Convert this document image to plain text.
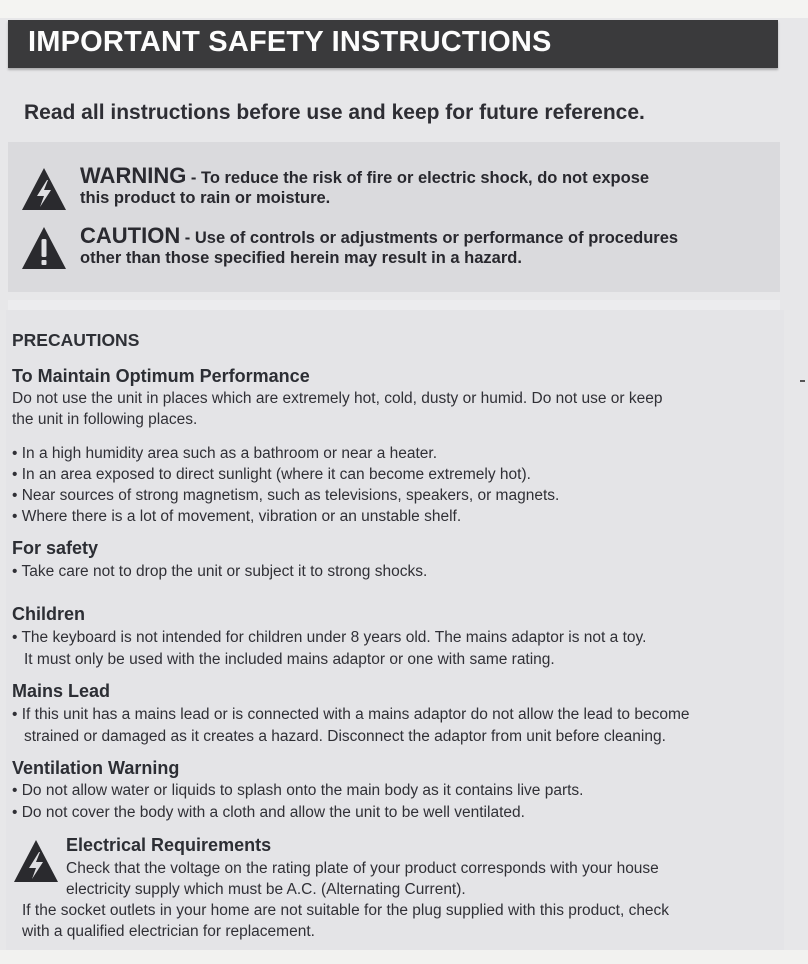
IMPORTANT SAFETY INSTRUCTIONS
Read all instructions before use and keep for future reference.
WARNING - To reduce the risk of fire or electric shock, do not expose
this product to rain or moisture.
CAUTION - Use of controls or adjustments or performance of procedures
other than those specified herein may result in a hazard.
PRECAUTIONS
To Maintain Optimum Performance
Do not use the unit in places which are extremely hot, cold, dusty or humid. Do not use or keep
the unit in following places.
• In a high humidity area such as a bathroom or near a heater.
• In an area exposed to direct sunlight (where it can become extremely hot).
• Near sources of strong magnetism, such as televisions, speakers, or magnets.
• Where there is a lot of movement, vibration or an unstable shelf.
For safety
• Take care not to drop the unit or subject it to strong shocks.
Children
• The keyboard is not intended for children under 8 years old. The mains adaptor is not a toy.
It must only be used with the included mains adaptor or one with same rating.
Mains Lead
• If this unit has a mains lead or is connected with a mains adaptor do not allow the lead to become
strained or damaged as it creates a hazard. Disconnect the adaptor from unit before cleaning.
Ventilation Warning
• Do not allow water or liquids to splash onto the main body as it contains live parts.
• Do not cover the body with a cloth and allow the unit to be well ventilated.
Electrical Requirements
Check that the voltage on the rating plate of your product corresponds with your house
electricity supply which must be A.C. (Alternating Current).
If the socket outlets in your home are not suitable for the plug supplied with this product, check
with a qualified electrician for replacement.
